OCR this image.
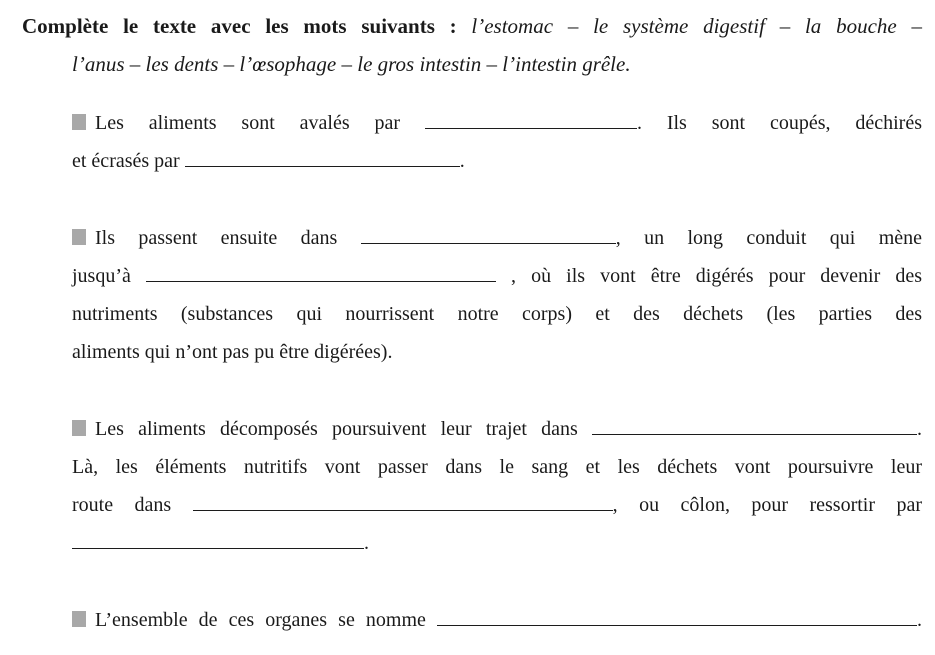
Complète le texte avec les mots suivants : l’estomac – le système digestif – la bouche –
l’anus – les dents – l’œsophage – le gros intestin – l’intestin grêle.
Les aliments sont avalés par	. Ils sont coupés, déchirés
et écrasés par	.
Ils passent ensuite dans	, un long conduit qui mène
jusqu’à	, où ils vont être digérés pour devenir des
nutriments (substances qui nourrissent notre corps) et des déchets (les parties des
aliments qui n’ont pas pu être digérées).
Les aliments décomposés poursuivent leur trajet dans	.
Là, les éléments nutritifs vont passer dans le sang et les déchets vont poursuivre leur
route dans	, ou côlon, pour ressortir par
.
L’ensemble de ces organes se nomme	.
